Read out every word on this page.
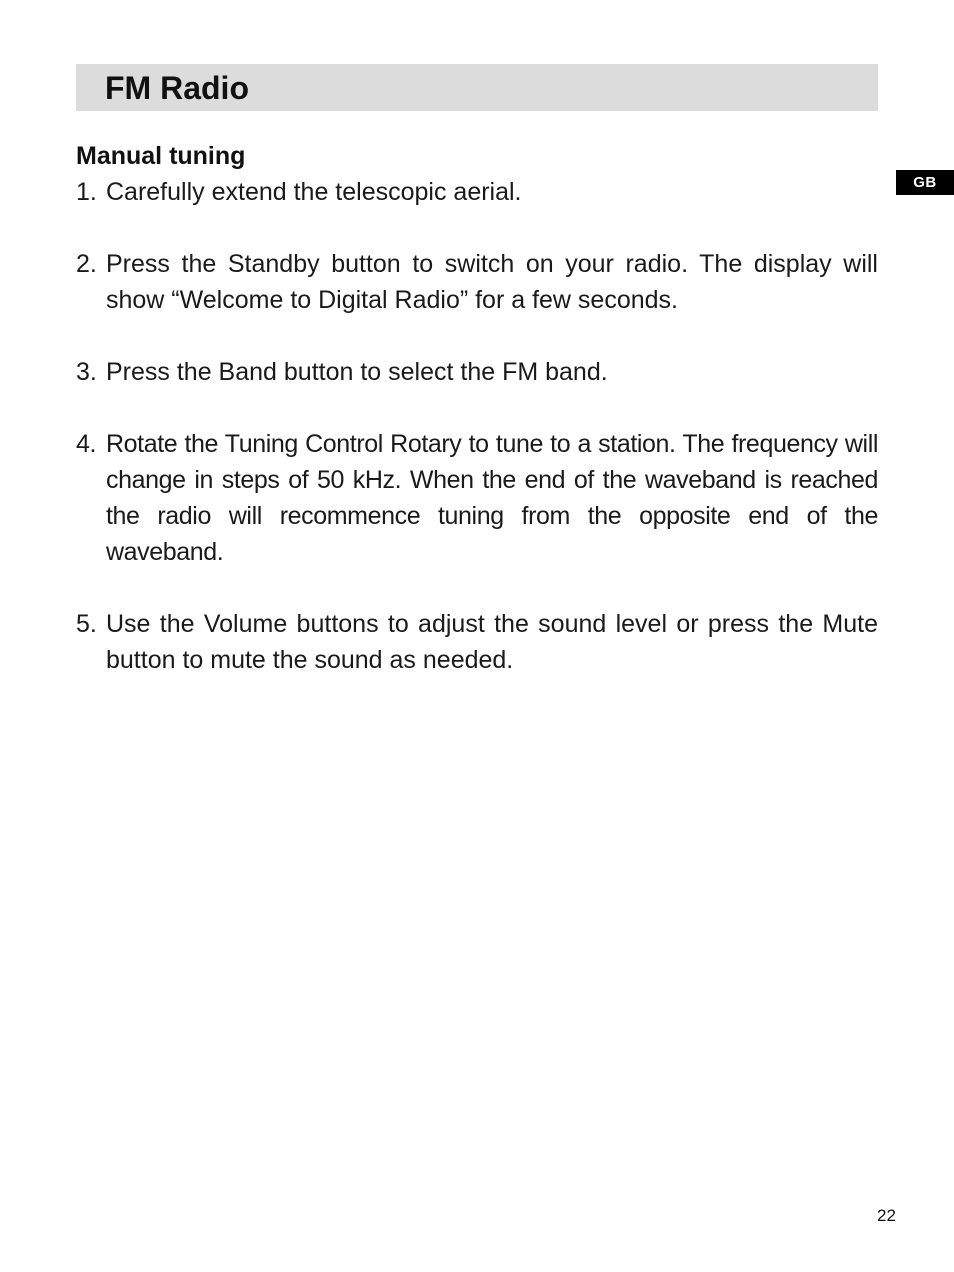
FM Radio
GB
Manual tuning
1. Carefully extend the telescopic aerial.
2. Press the Standby button to switch on your radio. The display will show “Welcome to Digital Radio” for a few seconds.
3. Press the Band button to select the FM band.
4. Rotate the Tuning Control Rotary to tune to a station. The frequency will change in steps of 50 kHz. When the end of the waveband is reached the radio will recommence tuning from the opposite end of the waveband.
5. Use the Volume buttons to adjust the sound level or press the Mute button to mute the sound as needed.
22
